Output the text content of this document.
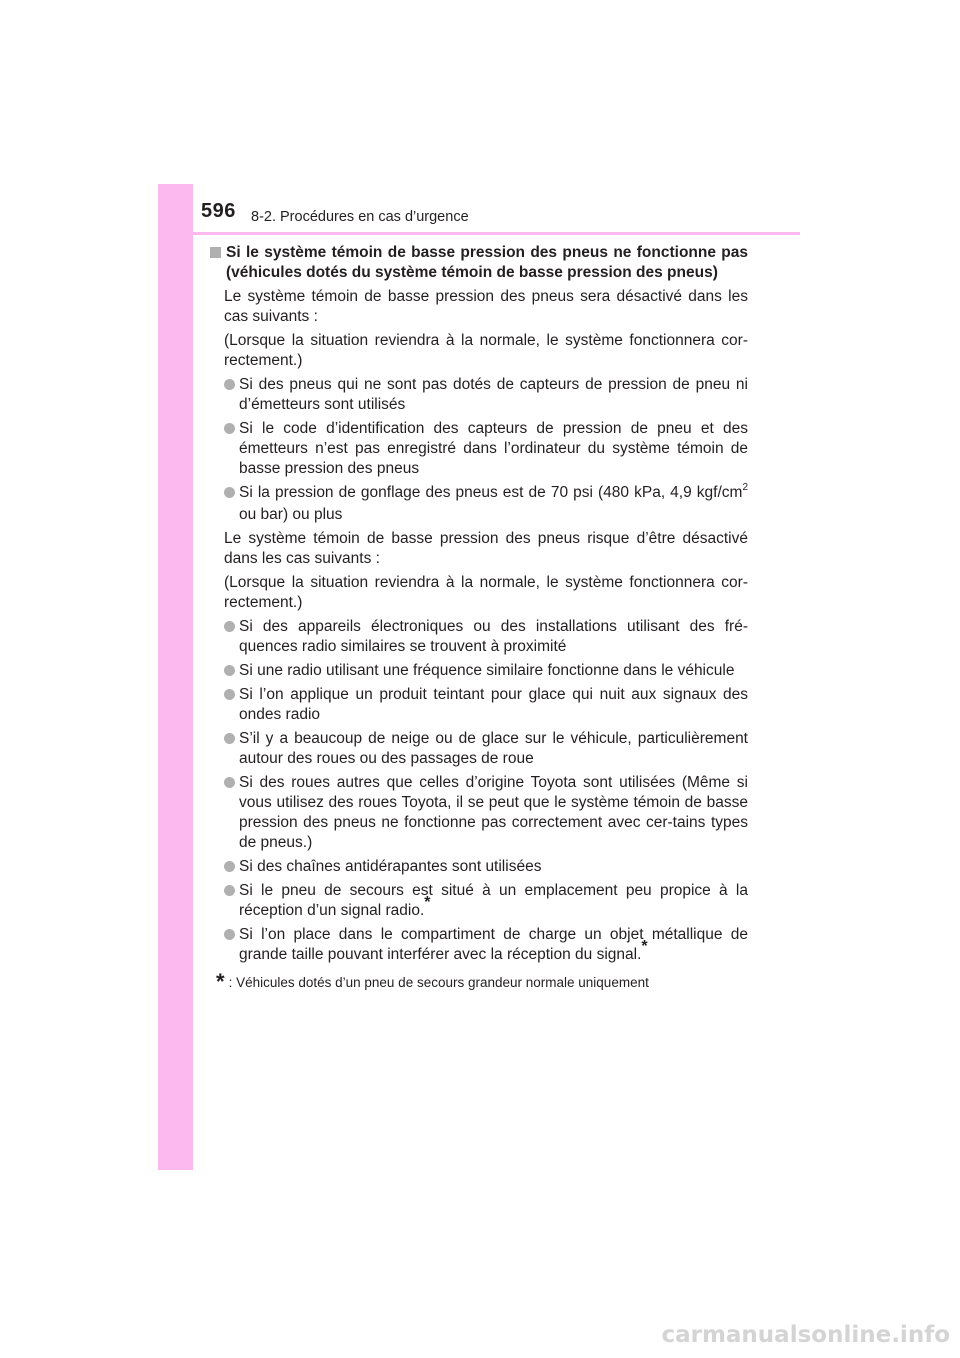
596 8-2. Procédures en cas d’urgence
Si le système témoin de basse pression des pneus ne fonctionne pas (véhicules dotés du système témoin de basse pression des pneus)

Le système témoin de basse pression des pneus sera désactivé dans les cas suivants :

(Lorsque la situation reviendra à la normale, le système fonctionnera cor-rectement.)

Si des pneus qui ne sont pas dotés de capteurs de pression de pneu ni d’émetteurs sont utilisés
Si le code d’identification des capteurs de pression de pneu et des émetteurs n’est pas enregistré dans l’ordinateur du système témoin de basse pression des pneus
Si la pression de gonflage des pneus est de 70 psi (480 kPa, 4,9 kgf/$cm^2$ ou bar) ou plus

Le système témoin de basse pression des pneus risque d’être désactivé dans les cas suivants :

(Lorsque la situation reviendra à la normale, le système fonctionnera cor-rectement.)

Si des appareils électroniques ou des installations utilisant des fré-quences radio similaires se trouvent à proximité
Si une radio utilisant une fréquence similaire fonctionne dans le véhicule
Si l’on applique un produit teintant pour glace qui nuit aux signaux des ondes radio
S’il y a beaucoup de neige ou de glace sur le véhicule, particulièrement autour des roues ou des passages de roue
Si des roues autres que celles d’origine Toyota sont utilisées (Même si vous utilisez des roues Toyota, il se peut que le système témoin de basse pression des pneus ne fonctionne pas correctement avec cer-tains types de pneus.)
Si des chaînes antidérapantes sont utilisées
Si le pneu de secours est situé à un emplacement peu propice à la réception d’un signal radio.*
Si l’on place dans le compartiment de charge un objet métallique de grande taille pouvant interférer avec la réception du signal.*
* : Véhicules dotés d’un pneu de secours grandeur normale uniquement
carmanualsonline.info
